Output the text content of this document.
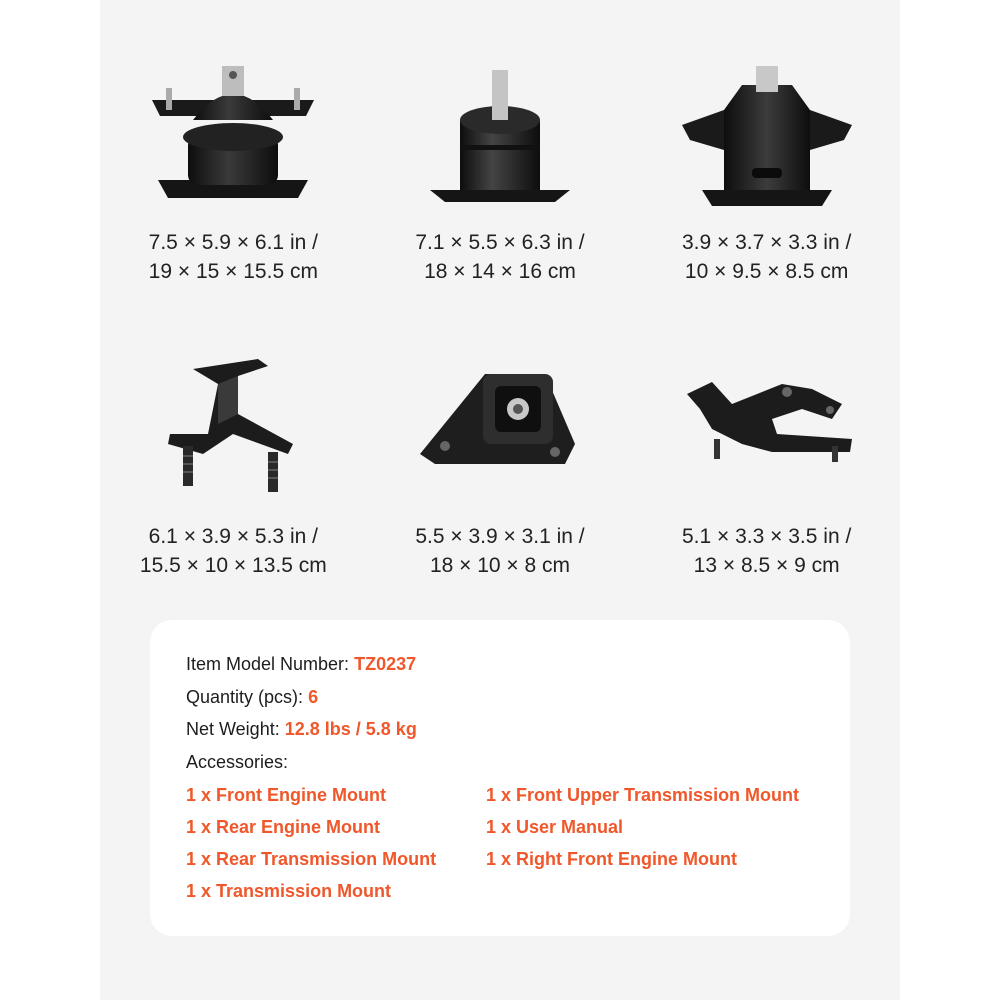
7.5 × 5.9 × 6.1 in /
19 × 15 × 15.5 cm
7.1 × 5.5 × 6.3 in /
18 × 14 × 16 cm
3.9 × 3.7 × 3.3 in /
10 × 9.5 × 8.5 cm
6.1 × 3.9 × 5.3 in /
15.5 × 10 × 13.5 cm
5.5 × 3.9 × 3.1 in /
18 × 10 × 8 cm
5.1 × 3.3 × 3.5 in /
13 × 8.5 × 9 cm
Item Model Number: TZ0237
Quantity (pcs): 6
Net Weight: 12.8 lbs / 5.8 kg
Accessories:
1 x Front Engine Mount
1 x Rear Engine Mount
1 x Rear Transmission Mount
1 x Transmission Mount
1 x Front Upper Transmission Mount
1 x User Manual
1 x Right Front Engine Mount
